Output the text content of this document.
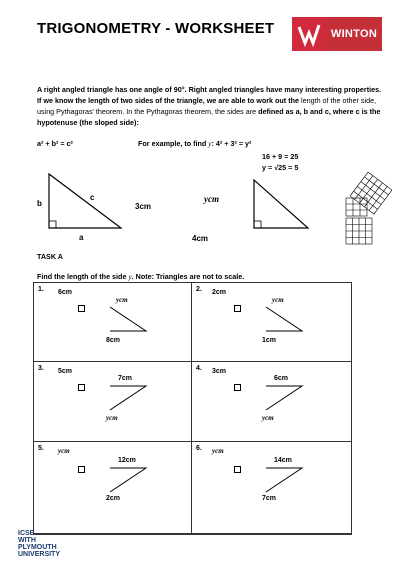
TRIGONOMETRY - WORKSHEET	WINTON
A right angled triangle has one angle of 90°. Right angled triangles have many interesting properties. If we know the length of two sides of the triangle, we are able to work out the length of the other side, using Pythagoras' theorem. In the Pythagoras theorem, the sides are defined as a, b and c, where c is the hypotenuse (the sloped side):
a² + b² = c²	For example, to find y: 4² + 3² = y²
16 + 9 = 25
y = √25 = 5
b
c
a
3cm
ycm
4cm
TASK A
Find the length of the side y. Note: Triangles are not to scale.
1. 6cm
ycm
8cm
2. 2cm
ycm
1cm
3. 5cm
7cm
ycm
4. 3cm
6cm
ycm
5. ycm
12cm
2cm
6. ycm
14cm
7cm
ICSE
WITH
PLYMOUTH
UNIVERSITY
